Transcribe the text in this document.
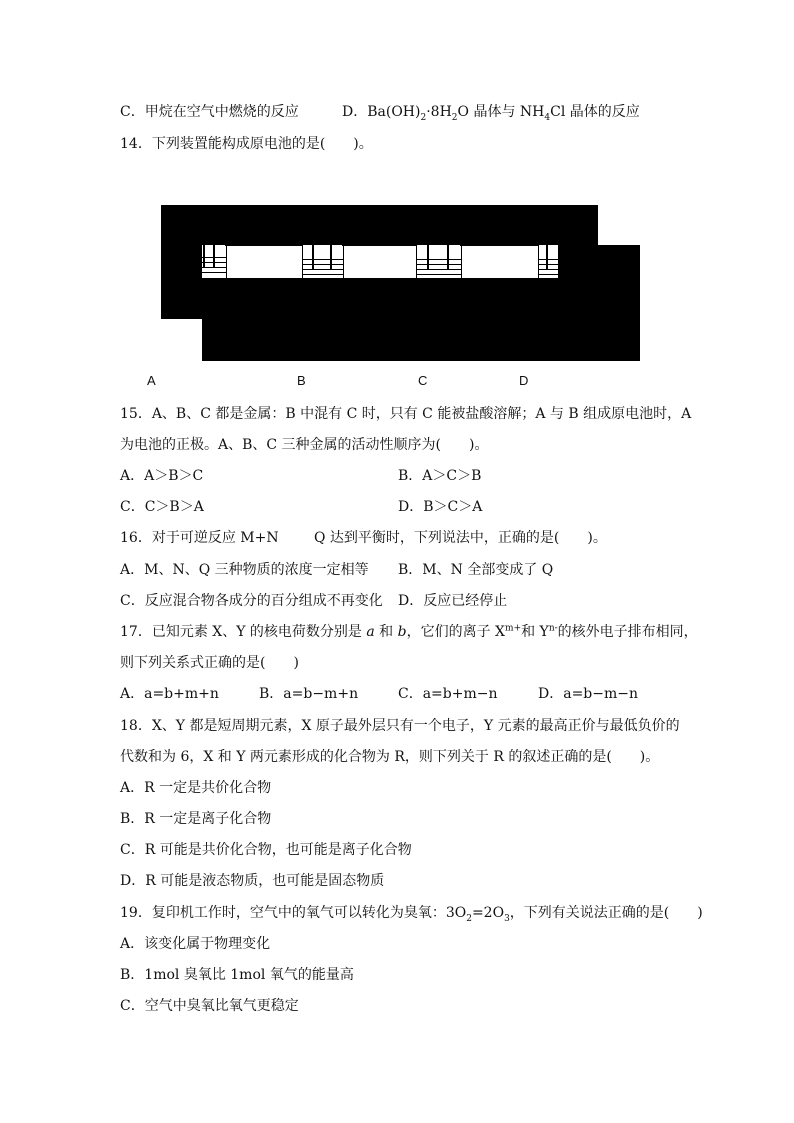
C．甲烷在空气中燃烧的反应	D．$Ba(OH)_2\cdot 8H_2O$ 晶体与 $NH_4Cl$ 晶体的反应
14．下列装置能构成原电池的是(　　)。
A	B	C	D
15．A、B、C 都是金属：B 中混有 C 时，只有 C 能被盐酸溶解；A 与 B 组成原电池时，A
为电池的正极。A、B、C 三种金属的活动性顺序为(　　)。
A．A＞B＞C	B．A＞C＞B
C．C＞B＞A	D．B＞C＞A
16．对于可逆反应 M+N	Q 达到平衡时，下列说法中，正确的是(　　)。
A．M、N、Q 三种物质的浓度一定相等 B．M、N 全部变成了 Q
C．反应混合物各成分的百分组成不再变化 D．反应已经停止
17．已知元素 X、Y 的核电荷数分别是 a 和 b，它们的离子 $X^{m+}$和 $Y^{n-}$的核外电子排布相同，
则下列关系式正确的是(　　)
A．a=b+m+n	B．a=b−m+n	C．a=b+m−n	D．a=b−m−n
18．X、Y 都是短周期元素，X 原子最外层只有一个电子，Y 元素的最高正价与最低负价的
代数和为 6，X 和 Y 两元素形成的化合物为 R，则下列关于 R 的叙述正确的是(　　)。
A．R 一定是共价化合物
B．R 一定是离子化合物
C．R 可能是共价化合物，也可能是离子化合物
D．R 可能是液态物质，也可能是固态物质
19．复印机工作时，空气中的氧气可以转化为臭氧：$3O_2=2O_3$，下列有关说法正确的是(　　)
A．该变化属于物理变化
B．1mol 臭氧比 1mol 氧气的能量高
C．空气中臭氧比氧气更稳定
